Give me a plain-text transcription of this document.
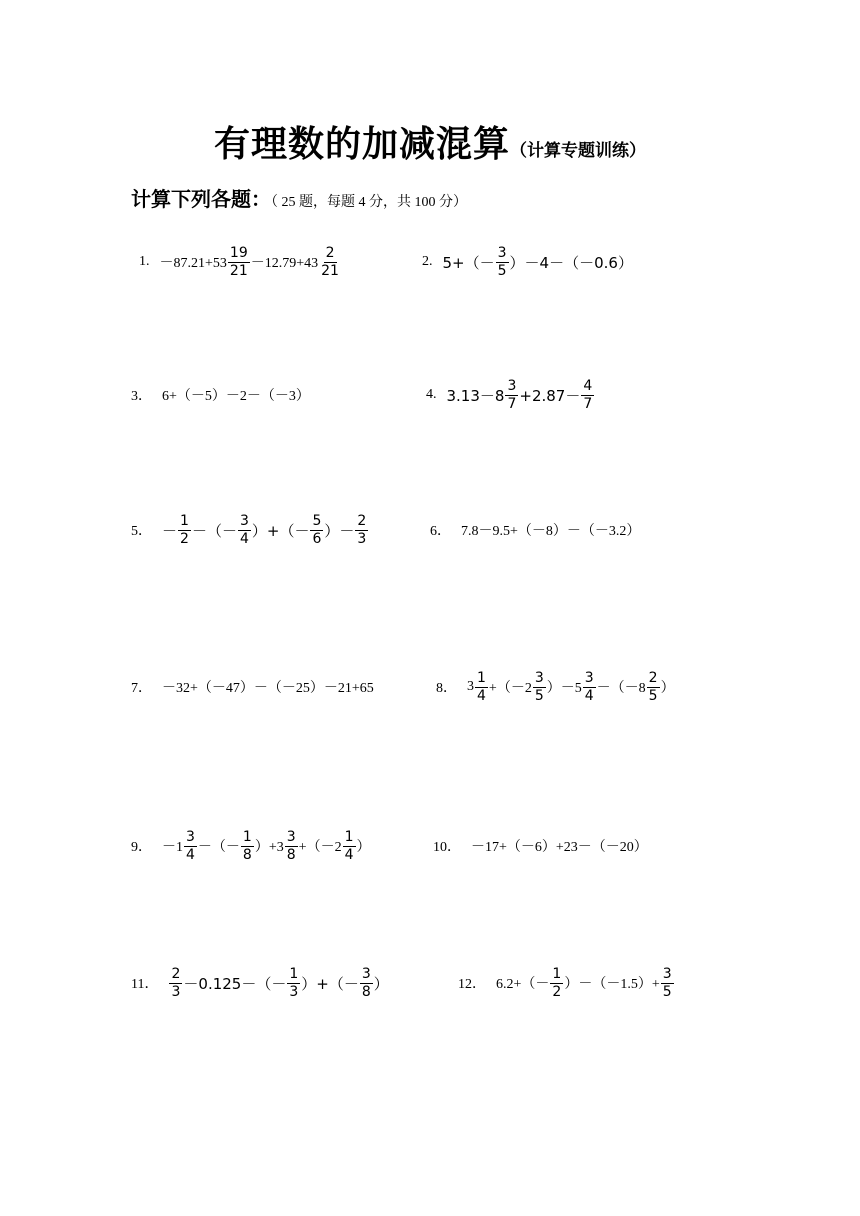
有理数的加减混算（计算专题训练）
计算下列各题：（ 25 题，每题 4 分，共 100 分）
1. $-87.21+53 \frac{19}{21} -12.79+43 \frac{2}{21}$	2. $5+(- \frac{3}{5} )-4-(-0.6)$
3． 6+（－5）－2－（－3）	4. $3.13-8 \frac{3}{7} +2.87- \frac{4}{7}$
5． － $\frac{1}{2}$ －（－ $\frac{3}{4}$ ）+（－ $\frac{5}{6}$ ）－ $\frac{2}{3}$	6． 7.8－9.5+（－8）－（－3.2）
7． －32+（－47）－（－25）－21+65	8． $3 \frac{1}{4} +(-2 \frac{3}{5} )-5 \frac{3}{4} -(-8 \frac{2}{5}$ ）
9． $-1 \frac{3}{4}$ －（－ $\frac{1}{8} )+3 \frac{3}{8} +(-2 \frac{1}{4}$ ）	10． －17+（－6）+23－（－20）
11． $\frac{2}{3} -0.125-(- \frac{1}{3}$ ）+（－ $\frac{3}{8}$ ）	12． $6.2+(- \frac{1}{2} )-(-1.5)+ \frac{3}{5}$
